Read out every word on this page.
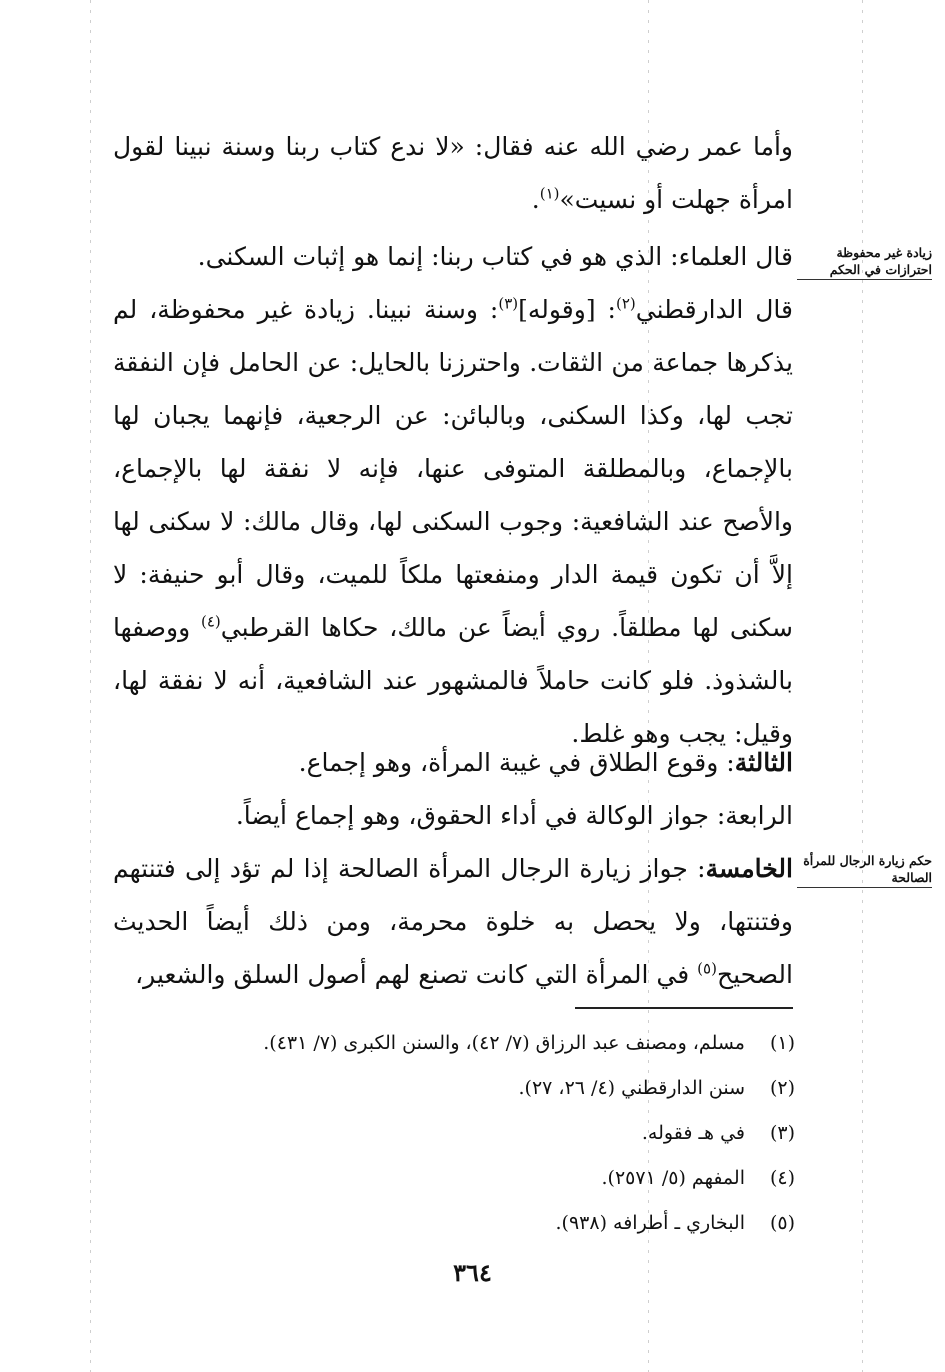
وأما عمر رضي الله عنه فقال: «لا ندع كتاب ربنا وسنة نبينا لقول امرأة جهلت أو نسيت»$^{(١)}$.

قال العلماء: الذي هو في كتاب ربنا: إنما هو إثبات السكنى.

قال الدارقطني$^{(٢)}$: [وقوله]$^{(٣)}$: وسنة نبينا. زيادة غير محفوظة، لم يذكرها جماعة من الثقات. واحترزنا بالحايل: عن الحامل فإن النفقة تجب لها، وكذا السكنى، وبالبائن: عن الرجعية، فإنهما يجبان لها بالإجماع، وبالمطلقة المتوفى عنها، فإنه لا نفقة لها بالإجماع، والأصح عند الشافعية: وجوب السكنى لها، وقال مالك: لا سكنى لها إلاَّ أن تكون قيمة الدار ومنفعتها ملكاً للميت، وقال أبو حنيفة: لا سكنى لها مطلقاً. روي أيضاً عن مالك، حكاها القرطبي$^{(٤)}$ ووصفها بالشذوذ. فلو كانت حاملاً فالمشهور عند الشافعية، أنه لا نفقة لها، وقيل: يجب وهو غلط.

الثالثة: وقوع الطلاق في غيبة المرأة، وهو إجماع.

الرابعة: جواز الوكالة في أداء الحقوق، وهو إجماع أيضاً.

الخامسة: جواز زيارة الرجال المرأة الصالحة إذا لم تؤد إلى فتنتهم وفتنتها، ولا يحصل به خلوة محرمة، ومن ذلك أيضاً الحديث الصحيح$^{(٥)}$ في المرأة التي كانت تصنع لهم أصول السلق والشعير،

زيادة غير محفوظة احترازات في الحكم
حكم زيارة الرجال للمرأة الصالحة

(١)
مسلم، ومصنف عبد الرزاق (٧/ ٤٢)، والسنن الكبرى (٧/ ٤٣١).

(٢)
سنن الدارقطني (٤/ ٢٦، ٢٧).

(٣)
في هـ فقوله.

(٤)
المفهم (٥/ ٢٥٧١).

(٥)
البخاري ـ أطرافه (٩٣٨).

٣٦٤
